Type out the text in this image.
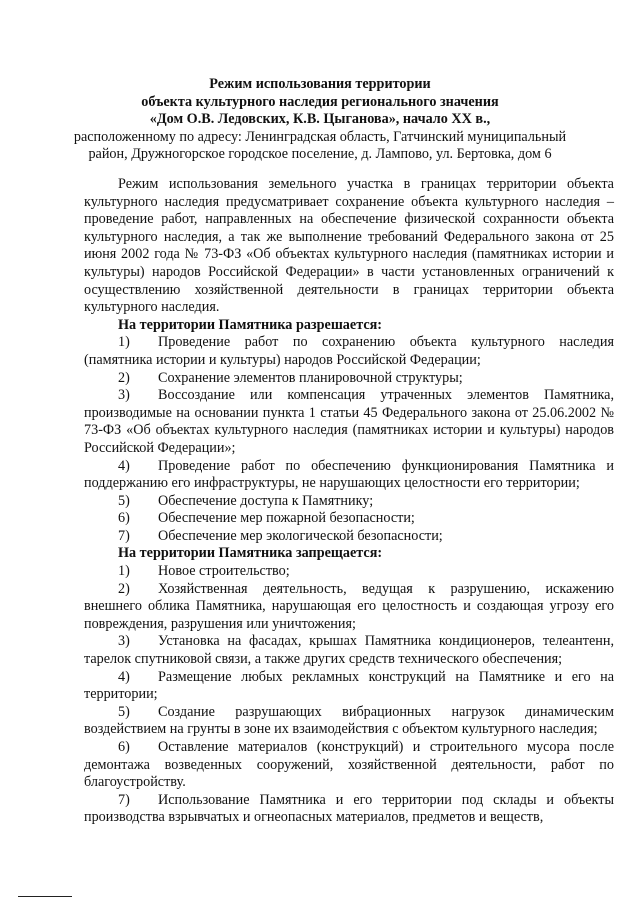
Режим использования территории
объекта культурного наследия регионального значения
«Дом О.В. Ледовских, К.В. Цыганова», начало XX в.,
расположенному по адресу: Ленинградская область, Гатчинский муниципальный
район, Дружногорское городское поселение, д. Лампово, ул. Бертовка, дом 6

Режим использования земельного участка в границах территории объекта культурного наследия предусматривает сохранение объекта культурного наследия – проведение работ, направленных на обеспечение физической сохранности объекта культурного наследия, а так же выполнение требований Федерального закона от 25 июня 2002 года № 73-ФЗ «Об объектах культурного наследия (памятниках истории и культуры) народов Российской Федерации» в части установленных ограничений к осуществлению хозяйственной деятельности в границах территории объекта культурного наследия.

На территории Памятника разрешается:

1) Проведение работ по сохранению объекта культурного наследия (памятника истории и культуры) народов Российской Федерации;

2) Сохранение элементов планировочной структуры;

3) Воссоздание или компенсация утраченных элементов Памятника, производимые на основании пункта 1 статьи 45 Федерального закона от 25.06.2002 № 73-ФЗ «Об объектах культурного наследия (памятниках истории и культуры) народов Российской Федерации»;

4) Проведение работ по обеспечению функционирования Памятника и поддержанию его инфраструктуры, не нарушающих целостности его территории;

5) Обеспечение доступа к Памятнику;

6) Обеспечение мер пожарной безопасности;

7) Обеспечение мер экологической безопасности;

На территории Памятника запрещается:

1) Новое строительство;

2) Хозяйственная деятельность, ведущая к разрушению, искажению внешнего облика Памятника, нарушающая его целостность и создающая угрозу его повреждения, разрушения или уничтожения;

3) Установка на фасадах, крышах Памятника кондиционеров, телеантенн, тарелок спутниковой связи, а также других средств технического обеспечения;

4) Размещение любых рекламных конструкций на Памятнике и его на территории;

5) Создание разрушающих вибрационных нагрузок динамическим воздействием на грунты в зоне их взаимодействия с объектом культурного наследия;

6) Оставление материалов (конструкций) и строительного мусора после демонтажа возведенных сооружений, хозяйственной деятельности, работ по благоустройству.

7) Использование Памятника и его территории под склады и объекты производства взрывчатых и огнеопасных материалов, предметов и веществ,
